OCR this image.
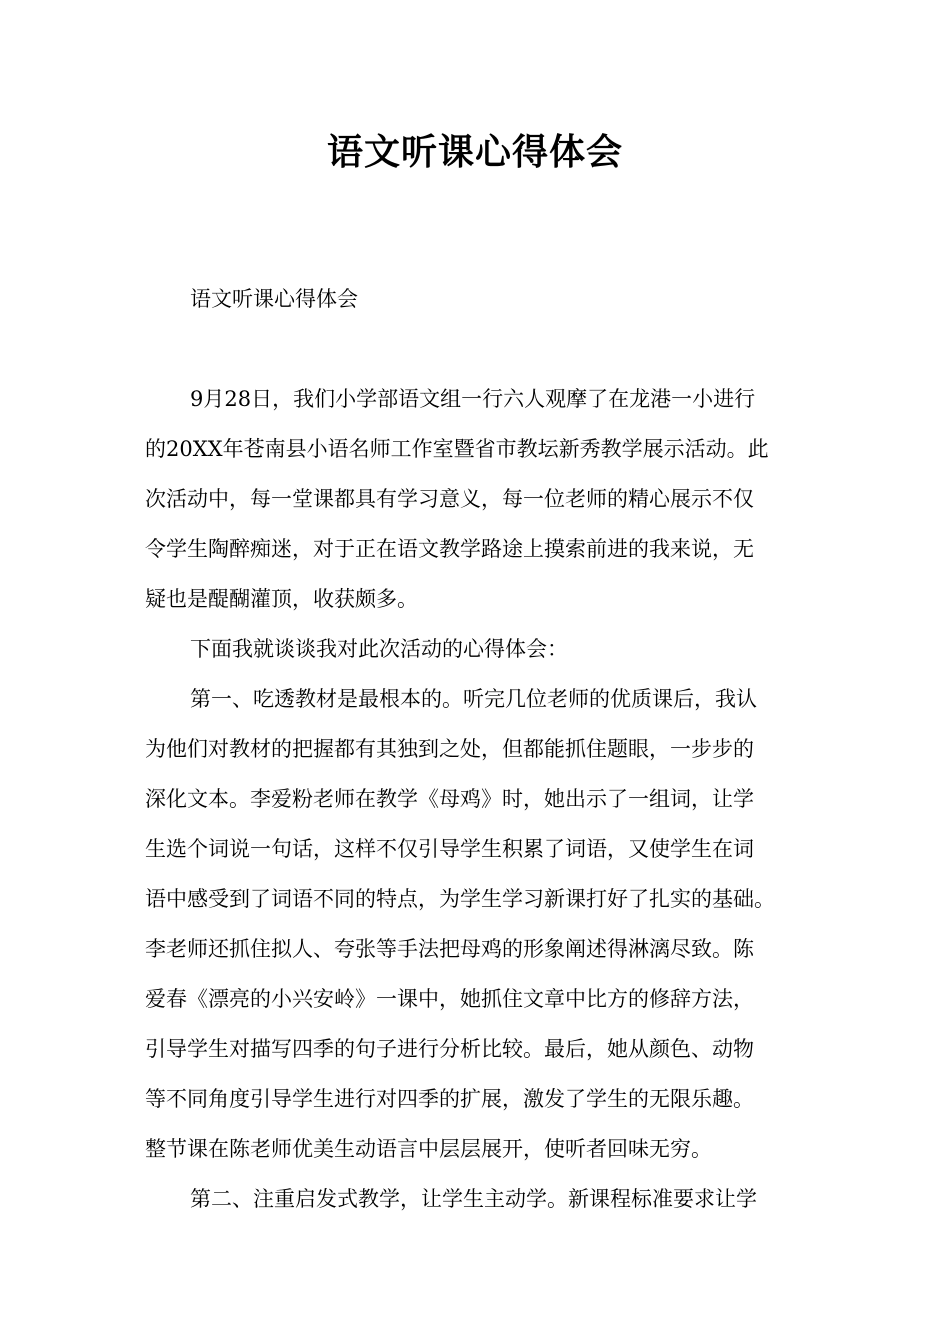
语文听课心得体会
语文听课心得体会
9月28日，我们小学部语文组一行六人观摩了在龙港一小进行
的20XX年苍南县小语名师工作室暨省市教坛新秀教学展示活动。此
次活动中，每一堂课都具有学习意义，每一位老师的精心展示不仅
令学生陶醉痴迷，对于正在语文教学路途上摸索前进的我来说，无
疑也是醍醐灌顶，收获颇多。
下面我就谈谈我对此次活动的心得体会：
第一、吃透教材是最根本的。听完几位老师的优质课后，我认
为他们对教材的把握都有其独到之处，但都能抓住题眼，一步步的
深化文本。李爱粉老师在教学《母鸡》时，她出示了一组词，让学
生选个词说一句话，这样不仅引导学生积累了词语，又使学生在词
语中感受到了词语不同的特点，为学生学习新课打好了扎实的基础。
李老师还抓住拟人、夸张等手法把母鸡的形象阐述得淋漓尽致。陈
爱春《漂亮的小兴安岭》一课中，她抓住文章中比方的修辞方法，
引导学生对描写四季的句子进行分析比较。最后，她从颜色、动物
等不同角度引导学生进行对四季的扩展，激发了学生的无限乐趣。
整节课在陈老师优美生动语言中层层展开，使听者回味无穷。
第二、注重启发式教学，让学生主动学。新课程标准要求让学
